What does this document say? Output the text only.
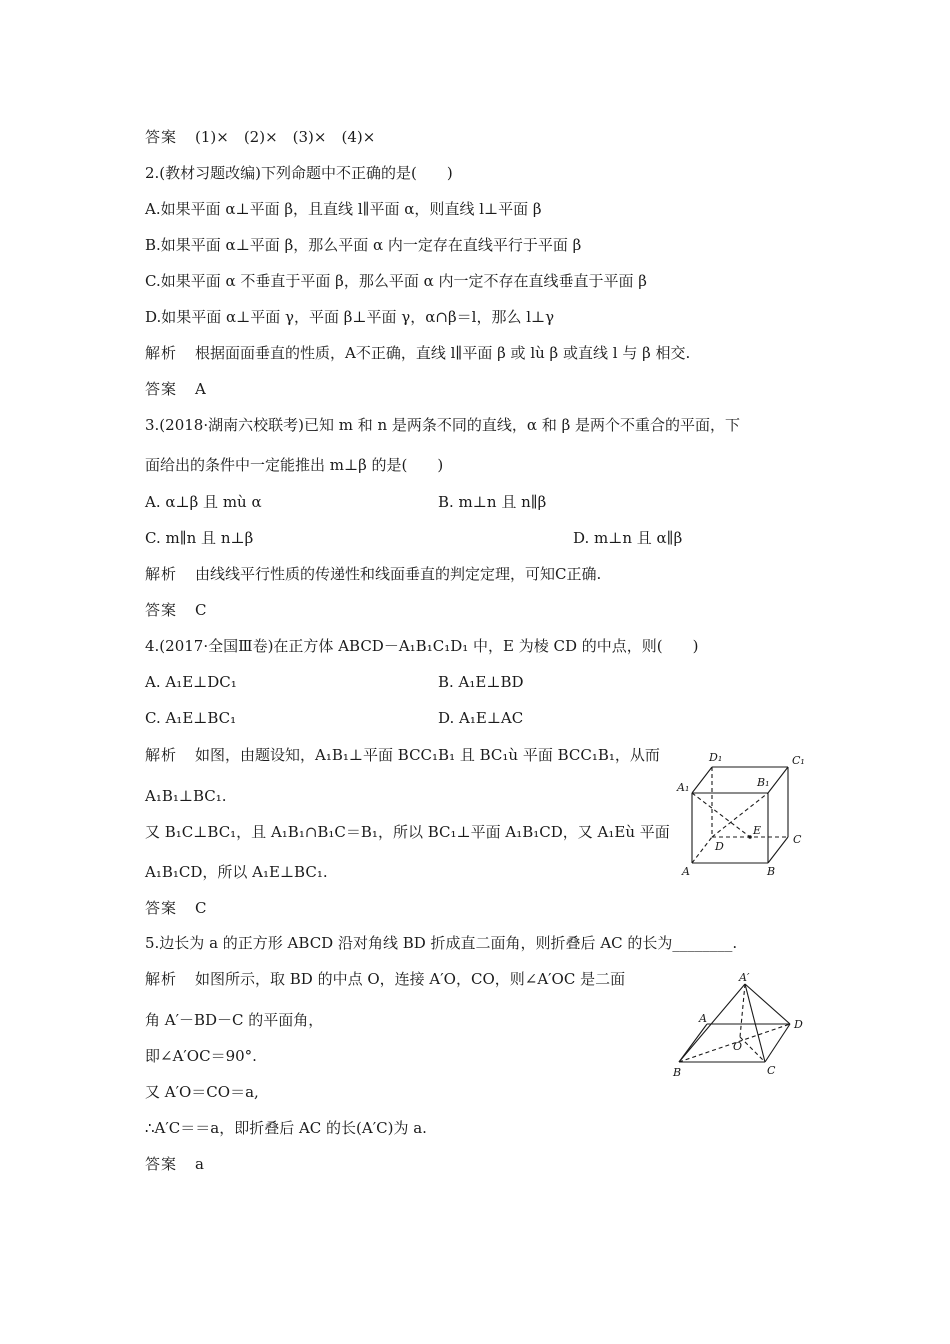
答案 (1)×　(2)×　(3)×　(4)×
2.(教材习题改编)下列命题中不正确的是(　　)
A.如果平面 α⊥平面 β，且直线 l∥平面 α，则直线 l⊥平面 β
B.如果平面 α⊥平面 β，那么平面 α 内一定存在直线平行于平面 β
C.如果平面 α 不垂直于平面 β，那么平面 α 内一定不存在直线垂直于平面 β
D.如果平面 α⊥平面 γ，平面 β⊥平面 γ，α∩β＝l，那么 l⊥γ
解析 根据面面垂直的性质，A不正确，直线 l∥平面 β 或 lù β 或直线 l 与 β 相交.
答案 A
3.(2018·湖南六校联考)已知 m 和 n 是两条不同的直线，α 和 β 是两个不重合的平面，下
面给出的条件中一定能推出 m⊥β 的是(　　)
A. α⊥β 且 mù α	B. m⊥n 且 n∥β
C. m∥n 且 n⊥β	D. m⊥n 且 α∥β
解析 由线线平行性质的传递性和线面垂直的判定定理，可知C正确.
答案 C
4.(2017·全国Ⅲ卷)在正方体 ABCD－A₁B₁C₁D₁ 中，E 为棱 CD 的中点，则(　　)
A. A₁E⊥DC₁	B. A₁E⊥BD
C. A₁E⊥BC₁	D. A₁E⊥AC
解析 如图，由题设知，A₁B₁⊥平面 BCC₁B₁ 且 BC₁ù 平面 BCC₁B₁，从而
A₁B₁⊥BC₁.
又 B₁C⊥BC₁，且 A₁B₁∩B₁C＝B₁，所以 BC₁⊥平面 A₁B₁CD，又 A₁Eù 平面
A₁B₁CD，所以 A₁E⊥BC₁.
答案 C
5.边长为 a 的正方形 ABCD 沿对角线 BD 折成直二面角，则折叠后 AC 的长为________.
解析 如图所示，取 BD 的中点 O，连接 A′O，CO，则∠A′OC 是二面
角 A′－BD－C 的平面角，
即∠A′OC＝90°.
又 A′O＝CO＝a,
∴A′C＝＝a，即折叠后 AC 的长(A′C)为 a.
答案 a
A₁	B₁
C₁
D₁
A	B
C
D
E
A′
A
B	C
D
O
